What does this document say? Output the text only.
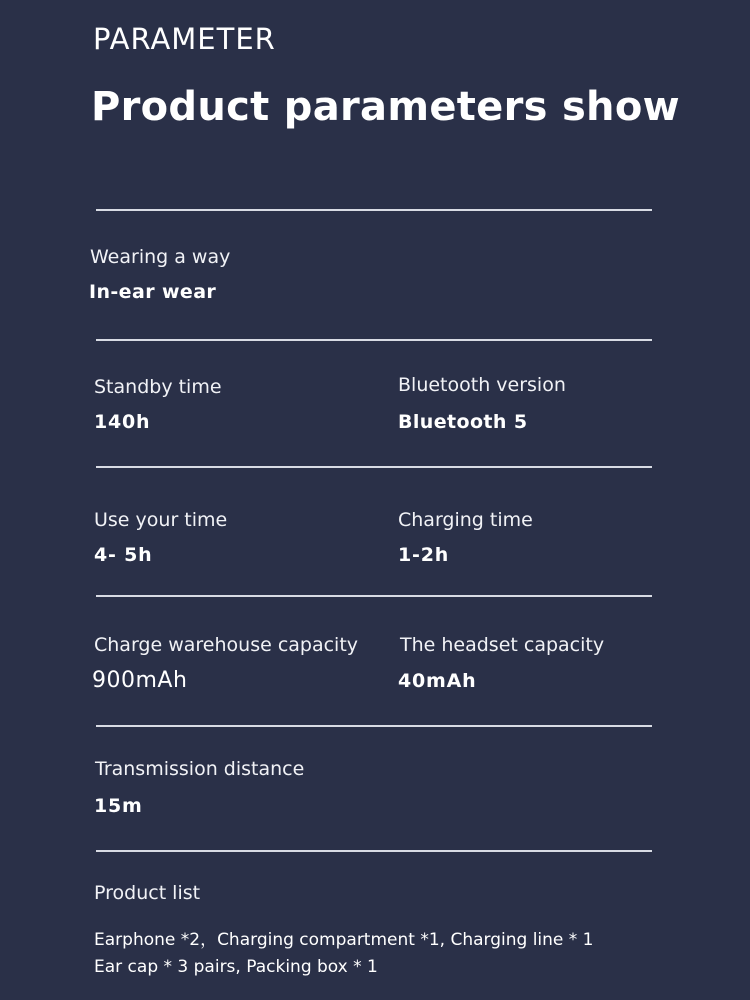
PARAMETER
Product parameters show
Wearing a way
In-ear wear
Standby time
140h
Bluetooth version
Bluetooth 5
Use your time
4- 5h
Charging time
1-2h
Charge warehouse capacity
900mAh
The headset capacity
40mAh
Transmission distance
15m
Product list
Earphone *2，Charging compartment *1, Charging line * 1
Ear cap * 3 pairs, Packing box * 1
